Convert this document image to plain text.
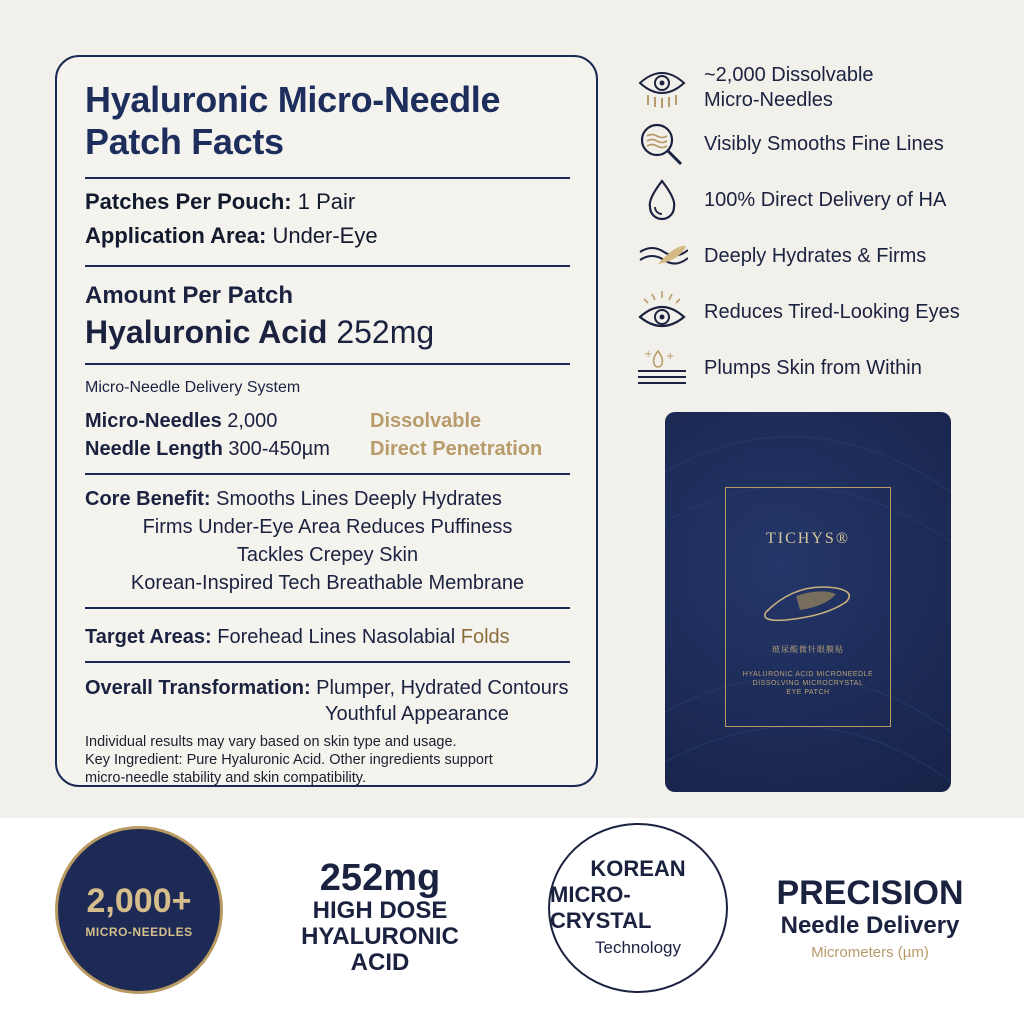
Hyaluronic Micro-Needle
Patch Facts
Patches Per Pouch: 1 Pair
Application Area: Under-Eye
Amount Per Patch
Hyaluronic Acid 252mg
Micro-Needle Delivery System
Micro-Needles 2,000
Needle Length 300-450µm
Dissolvable
Direct Penetration
Core Benefit: Smooths Lines Deeply Hydrates
Firms Under-Eye Area Reduces Puffiness
Tackles Crepey Skin
Korean-Inspired Tech Breathable Membrane
Target Areas: Forehead Lines Nasolabial Folds
Overall Transformation: Plumper, Hydrated Contours
Youthful Appearance
Individual results may vary based on skin type and usage.
Key Ingredient: Pure Hyaluronic Acid. Other ingredients support
micro-needle stability and skin compatibility.
~2,000 Dissolvable
Micro-Needles
Visibly Smooths Fine Lines
100% Direct Delivery of HA
Deeply Hydrates & Firms
Reduces Tired-Looking Eyes
+
+
Plumps Skin from Within
TICHYS®
玻尿酸微针眼膜贴
HYALURONIC ACID MICRONEEDLE
DISSOLVING MICROCRYSTAL
EYE PATCH
2,000+
MICRO-NEEDLES
252mg
HIGH DOSE
HYALURONIC
ACID
KOREAN
MICRO-CRYSTAL
Technology
PRECISION
Needle Delivery
Micrometers (µm)
